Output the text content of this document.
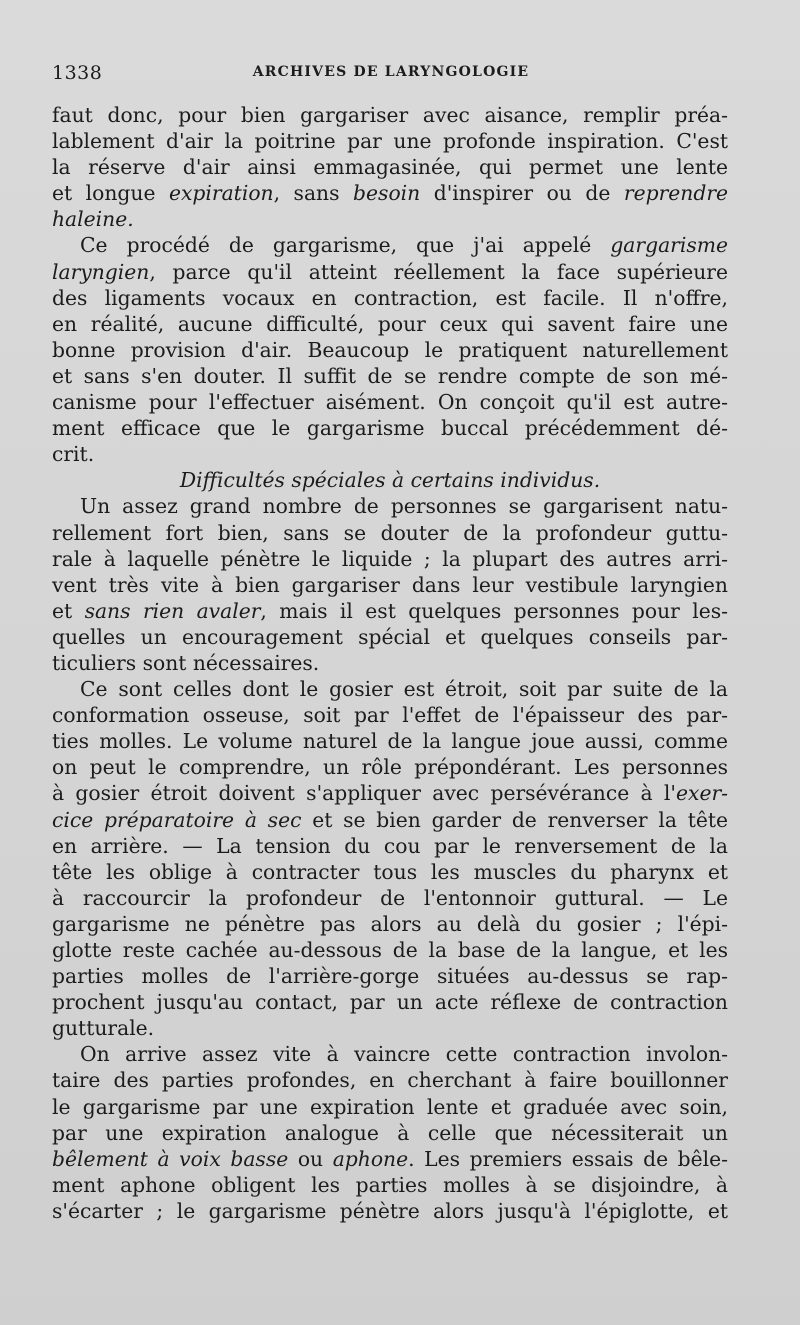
1338	ARCHIVES DE LARYNGOLOGIE
faut donc, pour bien gargariser avec aisance, remplir préa-
lablement d'air la poitrine par une profonde inspiration. C'est
la réserve d'air ainsi emmagasinée, qui permet une lente
et longue expiration, sans besoin d'inspirer ou de reprendre
haleine.
Ce procédé de gargarisme, que j'ai appelé gargarisme
laryngien, parce qu'il atteint réellement la face supérieure
des ligaments vocaux en contraction, est facile. Il n'offre,
en réalité, aucune difficulté, pour ceux qui savent faire une
bonne provision d'air. Beaucoup le pratiquent naturellement
et sans s'en douter. Il suffit de se rendre compte de son mé-
canisme pour l'effectuer aisément. On conçoit qu'il est autre-
ment efficace que le gargarisme buccal précédemment dé-
crit.
Difficultés spéciales à certains individus.
Un assez grand nombre de personnes se gargarisent natu-
rellement fort bien, sans se douter de la profondeur guttu-
rale à laquelle pénètre le liquide ; la plupart des autres arri-
vent très vite à bien gargariser dans leur vestibule laryngien
et sans rien avaler, mais il est quelques personnes pour les-
quelles un encouragement spécial et quelques conseils par-
ticuliers sont nécessaires.
Ce sont celles dont le gosier est étroit, soit par suite de la
conformation osseuse, soit par l'effet de l'épaisseur des par-
ties molles. Le volume naturel de la langue joue aussi, comme
on peut le comprendre, un rôle prépondérant. Les personnes
à gosier étroit doivent s'appliquer avec persévérance à l'exer-
cice préparatoire à sec et se bien garder de renverser la tête
en arrière. — La tension du cou par le renversement de la
tête les oblige à contracter tous les muscles du pharynx et
à raccourcir la profondeur de l'entonnoir guttural. — Le
gargarisme ne pénètre pas alors au delà du gosier ; l'épi-
glotte reste cachée au-dessous de la base de la langue, et les
parties molles de l'arrière-gorge situées au-dessus se rap-
prochent jusqu'au contact, par un acte réflexe de contraction
gutturale.
On arrive assez vite à vaincre cette contraction involon-
taire des parties profondes, en cherchant à faire bouillonner
le gargarisme par une expiration lente et graduée avec soin,
par une expiration analogue à celle que nécessiterait un
bêlement à voix basse ou aphone. Les premiers essais de bêle-
ment aphone obligent les parties molles à se disjoindre, à
s'écarter ; le gargarisme pénètre alors jusqu'à l'épiglotte, et
